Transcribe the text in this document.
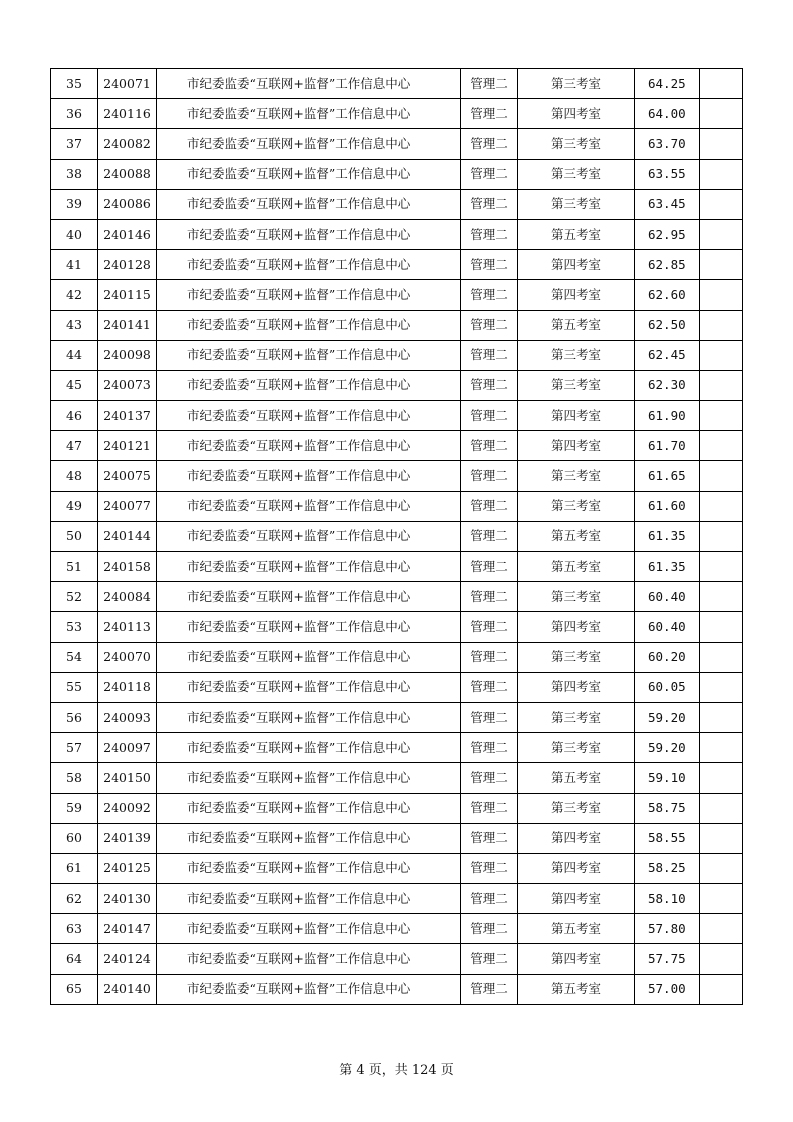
35	240071	市纪委监委“互联网+监督”工作信息中心	管理二	第三考室	64.25	
36	240116	市纪委监委“互联网+监督”工作信息中心	管理二	第四考室	64.00	
37	240082	市纪委监委“互联网+监督”工作信息中心	管理二	第三考室	63.70	
38	240088	市纪委监委“互联网+监督”工作信息中心	管理二	第三考室	63.55	
39	240086	市纪委监委“互联网+监督”工作信息中心	管理二	第三考室	63.45	
40	240146	市纪委监委“互联网+监督”工作信息中心	管理二	第五考室	62.95	
41	240128	市纪委监委“互联网+监督”工作信息中心	管理二	第四考室	62.85	
42	240115	市纪委监委“互联网+监督”工作信息中心	管理二	第四考室	62.60	
43	240141	市纪委监委“互联网+监督”工作信息中心	管理二	第五考室	62.50	
44	240098	市纪委监委“互联网+监督”工作信息中心	管理二	第三考室	62.45	
45	240073	市纪委监委“互联网+监督”工作信息中心	管理二	第三考室	62.30	
46	240137	市纪委监委“互联网+监督”工作信息中心	管理二	第四考室	61.90	
47	240121	市纪委监委“互联网+监督”工作信息中心	管理二	第四考室	61.70	
48	240075	市纪委监委“互联网+监督”工作信息中心	管理二	第三考室	61.65	
49	240077	市纪委监委“互联网+监督”工作信息中心	管理二	第三考室	61.60	
50	240144	市纪委监委“互联网+监督”工作信息中心	管理二	第五考室	61.35	
51	240158	市纪委监委“互联网+监督”工作信息中心	管理二	第五考室	61.35	
52	240084	市纪委监委“互联网+监督”工作信息中心	管理二	第三考室	60.40	
53	240113	市纪委监委“互联网+监督”工作信息中心	管理二	第四考室	60.40	
54	240070	市纪委监委“互联网+监督”工作信息中心	管理二	第三考室	60.20	
55	240118	市纪委监委“互联网+监督”工作信息中心	管理二	第四考室	60.05	
56	240093	市纪委监委“互联网+监督”工作信息中心	管理二	第三考室	59.20	
57	240097	市纪委监委“互联网+监督”工作信息中心	管理二	第三考室	59.20	
58	240150	市纪委监委“互联网+监督”工作信息中心	管理二	第五考室	59.10	
59	240092	市纪委监委“互联网+监督”工作信息中心	管理二	第三考室	58.75	
60	240139	市纪委监委“互联网+监督”工作信息中心	管理二	第四考室	58.55	
61	240125	市纪委监委“互联网+监督”工作信息中心	管理二	第四考室	58.25	
62	240130	市纪委监委“互联网+监督”工作信息中心	管理二	第四考室	58.10	
63	240147	市纪委监委“互联网+监督”工作信息中心	管理二	第五考室	57.80	
64	240124	市纪委监委“互联网+监督”工作信息中心	管理二	第四考室	57.75	
65	240140	市纪委监委“互联网+监督”工作信息中心	管理二	第五考室	57.00	
第 4 页，共 124 页
